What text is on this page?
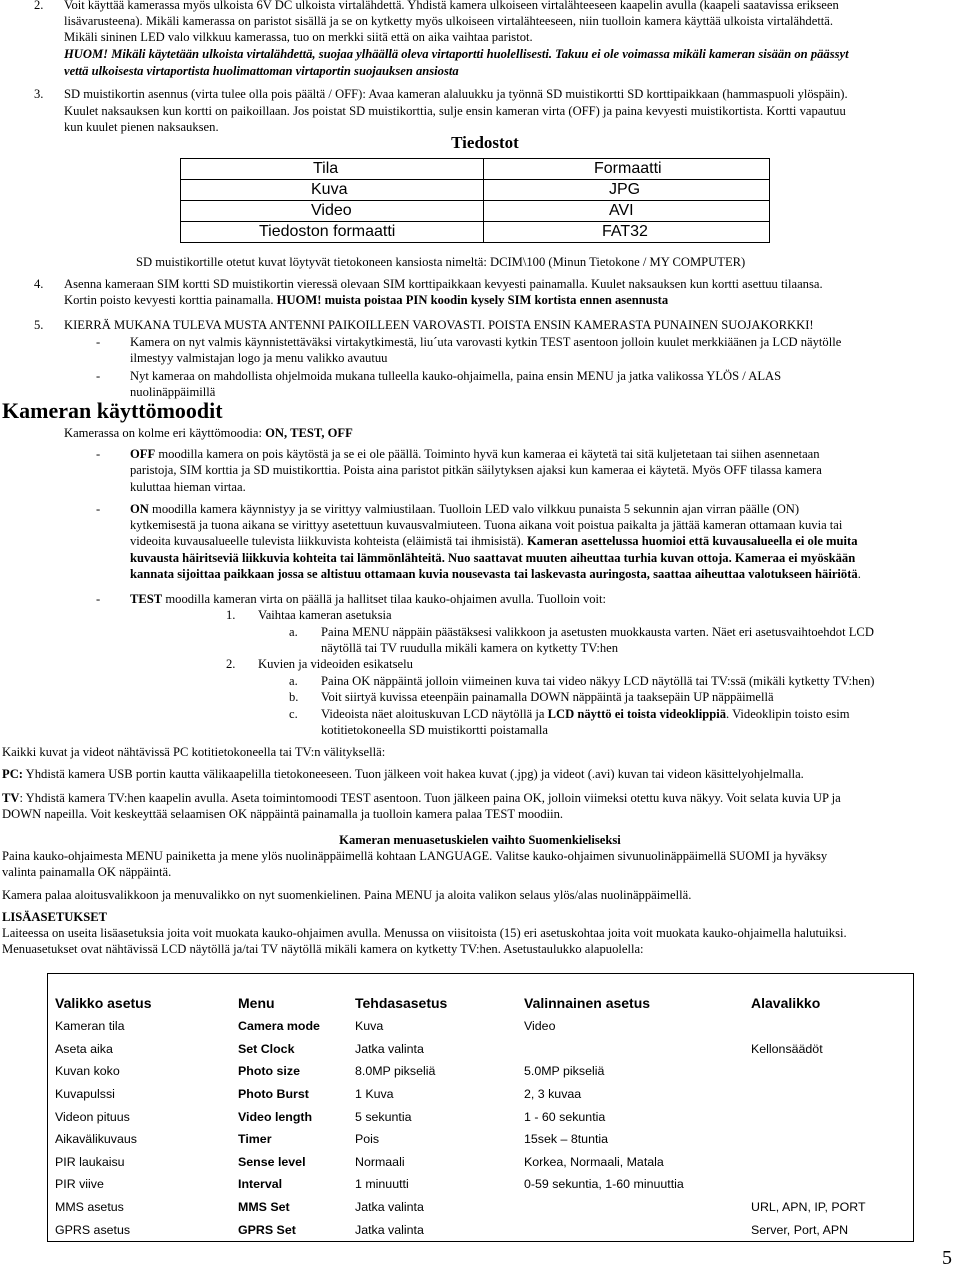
2. Voit käyttää kamerassa myös ulkoista 6V DC ulkoista virtalähdettä. Yhdistä kamera ulkoiseen virtalähteeseen kaapelin avulla (kaapeli saatavissa erikseen
lisävarusteena). Mikäli kamerassa on paristot sisällä ja se on kytketty myös ulkoiseen virtalähteeseen, niin tuolloin kamera käyttää ulkoista virtalähdettä.
Mikäli sininen LED valo vilkkuu kamerassa, tuo on merkki siitä että on aika vaihtaa paristot.
HUOM! Mikäli käytetään ulkoista virtalähdettä, suojaa ylhäällä oleva virtaportti huolellisesti. Takuu ei ole voimassa mikäli kameran sisään on päässyt
vettä ulkoisesta virtaportista huolimattoman virtaportin suojauksen ansiosta
3. SD muistikortin asennus (virta tulee olla pois päältä / OFF): Avaa kameran alaluukku ja työnnä SD muistikortti SD korttipaikkaan (hammaspuoli ylöspäin).
Kuulet naksauksen kun kortti on paikoillaan. Jos poistat SD muistikorttia, sulje ensin kameran virta (OFF) ja paina kevyesti muistikortista. Kortti vapautuu
kun kuulet pienen naksauksen.
Tiedostot
Tila	Formaatti
Kuva	JPG
Video	AVI
Tiedoston formaatti	FAT32
SD muistikortille otetut kuvat löytyvät tietokoneen kansiosta nimeltä: DCIM\100 (Minun Tietokone / MY COMPUTER)
4. Asenna kameraan SIM kortti SD muistikortin vieressä olevaan SIM korttipaikkaan kevyesti painamalla. Kuulet naksauksen kun kortti asettuu tilaansa.
Kortin poisto kevyesti korttia painamalla. HUOM! muista poistaa PIN koodin kysely SIM kortista ennen asennusta
5. KIERRÄ MUKANA TULEVA MUSTA ANTENNI PAIKOILLEEN VAROVASTI. POISTA ENSIN KAMERASTA PUNAINEN SUOJAKORKKI!
- Kamera on nyt valmis käynnistettäväksi virtakytkimestä, liu´uta varovasti kytkin TEST asentoon jolloin kuulet merkkiäänen ja LCD näytölle
ilmestyy valmistajan logo ja menu valikko avautuu
- Nyt kameraa on mahdollista ohjelmoida mukana tulleella kauko-ohjaimella, paina ensin MENU ja jatka valikossa YLÖS / ALAS
nuolinäppäimillä
Kameran käyttömoodit
Kamerassa on kolme eri käyttömoodia: ON, TEST, OFF
- OFF moodilla kamera on pois käytöstä ja se ei ole päällä. Toiminto hyvä kun kameraa ei käytetä tai sitä kuljetetaan tai siihen asennetaan
paristoja, SIM korttia ja SD muistikorttia. Poista aina paristot pitkän säilytyksen ajaksi kun kameraa ei käytetä. Myös OFF tilassa kamera
kuluttaa hieman virtaa.
- ON moodilla kamera käynnistyy ja se virittyy valmiustilaan. Tuolloin LED valo vilkkuu punaista 5 sekunnin ajan virran päälle (ON)
kytkemisestä ja tuona aikana se virittyy asetettuun kuvausvalmiuteen. Tuona aikana voit poistua paikalta ja jättää kameran ottamaan kuvia tai
videoita kuvausalueelle tulevista liikkuvista kohteista (eläimistä tai ihmisistä). Kameran asettelussa huomioi että kuvausalueella ei ole muita
kuvausta häiritseviä liikkuvia kohteita tai lämmönlähteitä. Nuo saattavat muuten aiheuttaa turhia kuvan ottoja. Kameraa ei myöskään
kannata sijoittaa paikkaan jossa se altistuu ottamaan kuvia nousevasta tai laskevasta auringosta, saattaa aiheuttaa valotukseen häiriötä.
- TEST moodilla kameran virta on päällä ja hallitset tilaa kauko-ohjaimen avulla. Tuolloin voit:
1. Vaihtaa kameran asetuksia
a. Paina MENU näppäin päästäksesi valikkoon ja asetusten muokkausta varten. Näet eri asetusvaihtoehdot LCD
näytöllä tai TV ruudulla mikäli kamera on kytketty TV:hen
2. Kuvien ja videoiden esikatselu
a. Paina OK näppäintä jolloin viimeinen kuva tai video näkyy LCD näytöllä tai TV:ssä (mikäli kytketty TV:hen)
b. Voit siirtyä kuvissa eteenpäin painamalla DOWN näppäintä ja taaksepäin UP näppäimellä
c. Videoista näet aloituskuvan LCD näytöllä ja LCD näyttö ei toista videoklippiä. Videoklipin toisto esim
kotitietokoneella SD muistikortti poistamalla
Kaikki kuvat ja videot nähtävissä PC kotitietokoneella tai TV:n välityksellä:
PC: Yhdistä kamera USB portin kautta välikaapelilla tietokoneeseen. Tuon jälkeen voit hakea kuvat (.jpg) ja videot (.avi) kuvan tai videon käsittelyohjelmalla.
TV: Yhdistä kamera TV:hen kaapelin avulla. Aseta toimintomoodi TEST asentoon. Tuon jälkeen paina OK, jolloin viimeksi otettu kuva näkyy. Voit selata kuvia UP ja
DOWN napeilla. Voit keskeyttää selaamisen OK näppäintä painamalla ja tuolloin kamera palaa TEST moodiin.
Kameran menuasetuskielen vaihto Suomenkieliseksi
Paina kauko-ohjaimesta MENU painiketta ja mene ylös nuolinäppäimellä kohtaan LANGUAGE. Valitse kauko-ohjaimen sivunuolinäppäimellä SUOMI ja hyväksy
valinta painamalla OK näppäintä.
Kamera palaa aloitusvalikkoon ja menuvalikko on nyt suomenkielinen. Paina MENU ja aloita valikon selaus ylös/alas nuolinäppäimellä.
LISÄASETUKSET
Laiteessa on useita lisäasetuksia joita voit muokata kauko-ohjaimen avulla. Menussa on viisitoista (15) eri asetuskohtaa joita voit muokata kauko-ohjaimella halutuiksi.
Menuasetukset ovat nähtävissä LCD näytöllä ja/tai TV näytöllä mikäli kamera on kytketty TV:hen. Asetustaulukko alapuolella:
Valikko asetus	Menu	Tehdasasetus	Valinnainen asetus	Alavalikko
Kameran tila	Camera mode	Kuva	Video	
Aseta aika	Set Clock	Jatka valinta		Kellonsäädöt
Kuvan koko	Photo size	8.0MP pikseliä	5.0MP pikseliä	
Kuvapulssi	Photo Burst	1 Kuva	2, 3 kuvaa	
Videon pituus	Video length	5 sekuntia	1 - 60 sekuntia	
Aikavälikuvaus	Timer	Pois	15sek – 8tuntia	
PIR laukaisu	Sense level	Normaali	Korkea, Normaali, Matala	
PIR viive	Interval	1 minuutti	0-59 sekuntia, 1-60 minuuttia	
MMS asetus	MMS Set	Jatka valinta		URL, APN, IP, PORT
GPRS asetus	GPRS Set	Jatka valinta		Server, Port, APN
5
